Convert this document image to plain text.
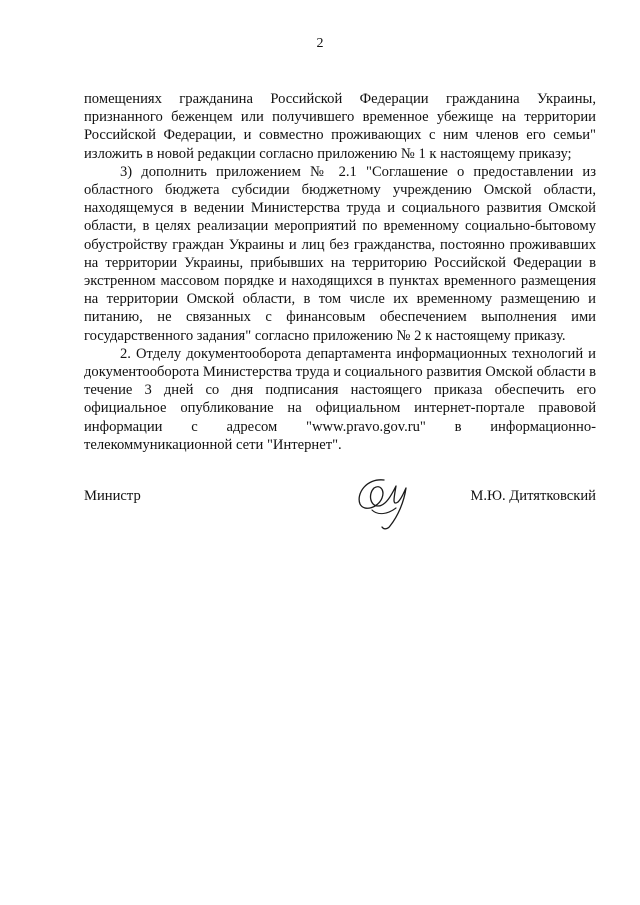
2

помещениях гражданина Российской Федерации гражданина Украины, признанного беженцем или получившего временное убежище на территории Российской Федерации, и совместно проживающих с ним членов его семьи" изложить в новой редакции согласно приложению № 1 к настоящему приказу;

3) дополнить приложением № 2.1 "Соглашение о предоставлении из областного бюджета субсидии бюджетному учреждению Омской области, находящемуся в ведении Министерства труда и социального развития Омской области, в целях реализации мероприятий по временному социально-бытовому обустройству граждан Украины и лиц без гражданства, постоянно проживавших на территории Украины, прибывших на территорию Российской Федерации в экстренном массовом порядке и находящихся в пунктах временного размещения на территории Омской области, в том числе их временному размещению и питанию, не связанных с финансовым обеспечением выполнения ими государственного задания" согласно приложению № 2 к настоящему приказу.

2. Отделу документооборота департамента информационных технологий и документооборота Министерства труда и социального развития Омской области в течение 3 дней со дня подписания настоящего приказа обеспечить его официальное опубликование на официальном интернет-портале правовой информации с адресом "www.pravo.gov.ru" в информационно-телекоммуникационной сети "Интернет".

Министр	М.Ю. Дитятковский
